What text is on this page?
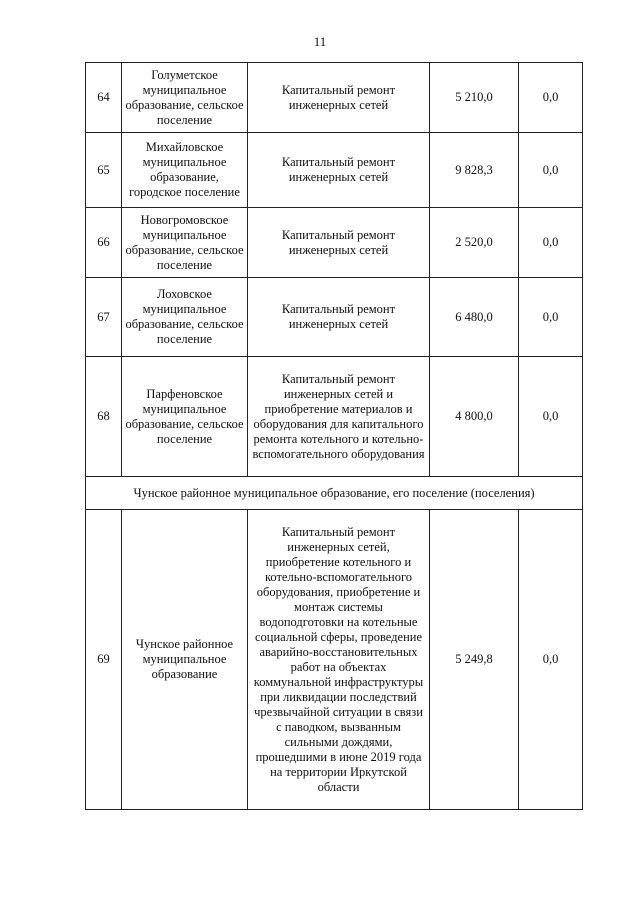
11
64	Голуметское муниципальное образование, сельское поселение	Капитальный ремонт инженерных сетей	5 210,0	0,0
65	Михайловское муниципальное образование, городское поселение	Капитальный ремонт инженерных сетей	9 828,3	0,0
66	Новогромовское муниципальное образование, сельское поселение	Капитальный ремонт инженерных сетей	2 520,0	0,0
67	Лоховское муниципальное образование, сельское поселение	Капитальный ремонт инженерных сетей	6 480,0	0,0
68	Парфеновское муниципальное образование, сельское поселение	Капитальный ремонт инженерных сетей и приобретение материалов и оборудования для капитального ремонта котельного и котельно-вспомогательного оборудования	4 800,0	0,0
Чунское районное муниципальное образование, его поселение (поселения)				
69	Чунское районное муниципальное образование	Капитальный ремонт инженерных сетей, приобретение котельного и котельно-вспомогательного оборудования, приобретение и монтаж системы водоподготовки на котельные социальной сферы, проведение аварийно-восстановительных работ на объектах коммунальной инфраструктуры при ликвидации последствий чрезвычайной ситуации в связи с паводком, вызванным сильными дождями, прошедшими в июне 2019 года на территории Иркутской области	5 249,8	0,0
